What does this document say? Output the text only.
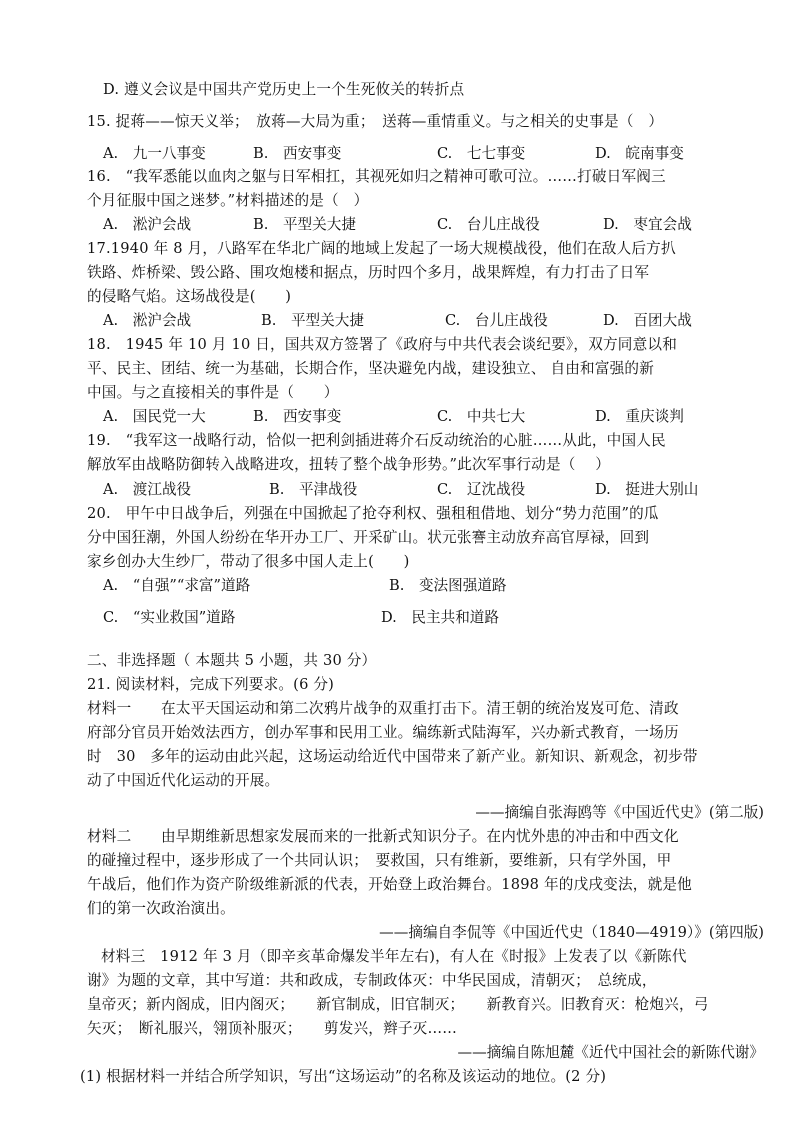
D. 遵义会议是中国共产党历史上一个生死攸关的转折点
15. 捉蒋——惊天义举；　放蒋—大局为重；　送蒋—重情重义。与之相关的史事是（　）
A.　九一八事变	B.　西安事变	C.　七七事变	D.　皖南事变
16.　“我军悉能以血肉之躯与日军相扛，其视死如归之精神可歌可泣。……打破日军阀三
个月征服中国之迷梦。”材料描述的是（　）
A.　淞沪会战	B.　平型关大捷	C.　台儿庄战役	D.　枣宜会战
17.1940 年 8 月，八路军在华北广阔的地域上发起了一场大规模战役，他们在敌人后方扒
铁路、炸桥梁、毁公路、围攻炮楼和据点，历时四个多月，战果辉煌，有力打击了日军
的侵略气焰。这场战役是(　　)
A.　淞沪会战	B.　平型关大捷	C.　台儿庄战役	D.　百团大战
18.　1945 年 10 月 10 日，国共双方签署了《政府与中共代表会谈纪要》，双方同意以和
平、民主、团结、统一为基础，长期合作，坚决避免内战，建设独立、 自由和富强的新
中国。与之直接相关的事件是（　　）
A.　国民党一大	B.　西安事变	C.　中共七大	D.　重庆谈判
19.　“我军这一战略行动，恰似一把利剑插进蒋介石反动统治的心脏……从此，中国人民
解放军由战略防御转入战略进攻，扭转了整个战争形势。”此次军事行动是（　 ）
A.　渡江战役	B.　平津战役	C.　辽沈战役	D.　挺进大别山
20.　甲午中日战争后，列强在中国掀起了抢夺利权、强租租借地、划分“势力范围”的瓜
分中国狂潮，外国人纷纷在华开办工厂、开采矿山。状元张謇主动放弃高官厚禄，回到
家乡创办大生纱厂，带动了很多中国人走上(　　)
A.　“自强”“求富”道路	B.　变法图强道路
C.　“实业救国”道路	D.　民主共和道路
二、非选择题（ 本题共 5 小题，共 30 分）
21. 阅读材料，完成下列要求。(6 分)
材料一　　在太平天国运动和第二次鸦片战争的双重打击下。清王朝的统治岌岌可危、清政
府部分官员开始效法西方，创办军事和民用工业。编练新式陆海军，兴办新式教育，一场历
时　30　多年的运动由此兴起，这场运动给近代中国带来了新产业。新知识、新观念，初步带
动了中国近代化运动的开展。
——摘编自张海鸥等《中国近代史》(第二版)
材料二　　由早期维新思想家发展而来的一批新式知识分子。在内忧外患的冲击和中西文化
的碰撞过程中，逐步形成了一个共同认识；　要救国，只有维新，要维新，只有学外国，甲
午战后，他们作为资产阶级维新派的代表，开始登上政治舞台。1898 年的戊戌变法，就是他
们的第一次政治演出。
——摘编自李侃等《中国近代史（1840—4919）》(第四版)
材料三　1912 年 3 月（即辛亥革命爆发半年左右)，有人在《时报》上发表了以《新陈代
谢》为题的文章，其中写道：共和政成，专制政体灭：中华民国成，清朝灭；　总统成，
皇帝灭；新内阁成，旧内阁灭；　　新官制成，旧官制灭；　　新教育兴。旧教育灭：枪炮兴，弓
矢灭；　断礼服兴，翎顶补服灭；　　剪发兴，辫子灭……
——摘编自陈旭麓《近代中国社会的新陈代谢》
(1) 根据材料一并结合所学知识，写出“这场运动”的名称及该运动的地位。(2 分)
